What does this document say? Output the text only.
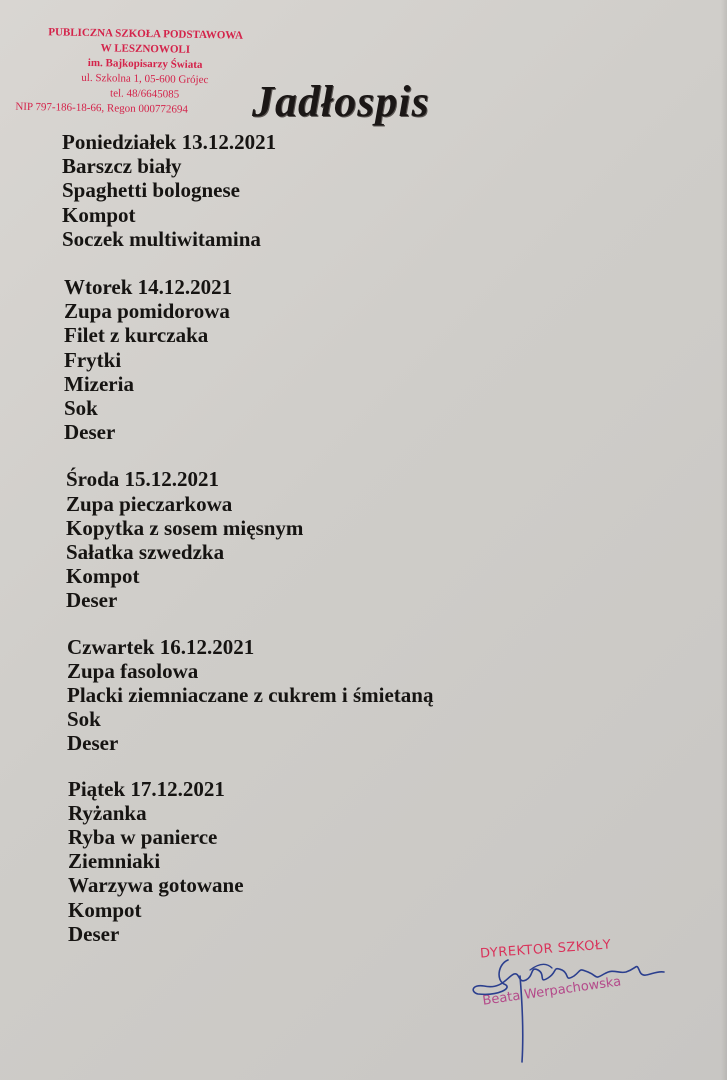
PUBLICZNA SZKOŁA PODSTAWOWA
W LESZNOWOLI
im. Bajkopisarzy Świata
ul. Szkolna 1, 05-600 Grójec
tel. 48/6645085
NIP 797-186-18-66, Regon 000772694	Jadłospis
Poniedziałek 13.12.2021
Barszcz biały
Spaghetti bolognese
Kompot
Soczek multiwitamina
Wtorek 14.12.2021
Zupa pomidorowa
Filet z kurczaka
Frytki
Mizeria
Sok
Deser
Środa 15.12.2021
Zupa pieczarkowa
Kopytka z sosem mięsnym
Sałatka szwedzka
Kompot
Deser
Czwartek 16.12.2021
Zupa fasolowa
Placki ziemniaczane z cukrem i śmietaną
Sok
Deser
Piątek 17.12.2021
Ryżanka
Ryba w panierce
Ziemniaki
Warzywa gotowane
Kompot
Deser
DYREKTOR SZKOŁY
Beata Werpachowska
